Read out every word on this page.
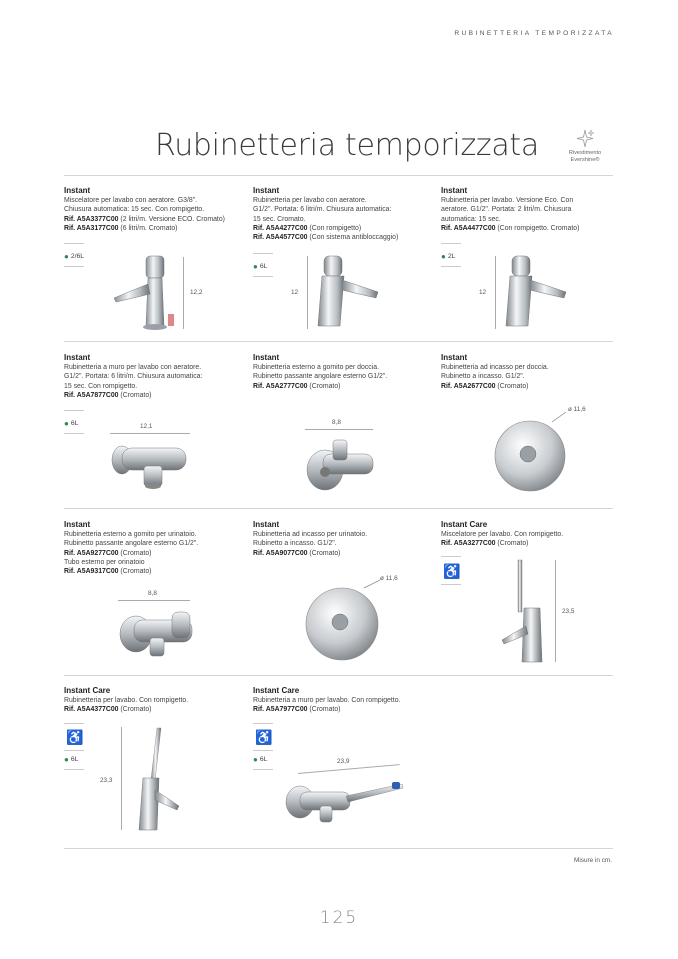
RUBINETTERIA TEMPORIZZATA
Rubinetteria temporizzata	Rivestimento
Evershine®
Instant
Miscelatore per lavabo con aeratore. G3/8".
Chiusura automatica: 15 sec. Con rompigetto.
Rif. A5A3377C00 (2 litri/m. Versione ECO. Cromato)
Rif. A5A3177C00 (6 litri/m. Cromato)
● 2/6L
12,2
Instant
Rubinetteria per lavabo con aeratore.
G1/2". Portata: 6 litri/m. Chiusura automatica:
15 sec. Cromato.
Rif. A5A4277C00 (Con rompigetto)
Rif. A5A4577C00 (Con sistema antibloccaggio)
● 6L
12
Instant
Rubinetteria per lavabo. Versione Eco. Con
aeratore. G1/2". Portata: 2 litri/m. Chiusura
automatica: 15 sec.
Rif. A5A4477C00 (Con rompigetto. Cromato)
● 2L
12
Instant
Rubinetteria a muro per lavabo con aeratore.
G1/2". Portata: 6 litri/m. Chiusura automatica:
15 sec. Con rompigetto.
Rif. A5A7877C00 (Cromato)
● 6L	12,1
Instant
Rubinetteria esterno a gomito per doccia.
Rubinetto passante angolare esterno G1/2".
Rif. A5A2777C00 (Cromato)
8,8
Instant
Rubinetteria ad incasso per doccia.
Rubinetto a incasso. G1/2".
Rif. A5A2677C00 (Cromato)
ø 11,6
Instant
Rubinetteria esterno a gomito per urinatoio.
Rubinetto passante angolare esterno G1/2".
Rif. A5A9277C00 (Cromato)
Tubo esterno per orinatoio
Rif. A5A9317C00 (Cromato)
8,8
Instant
Rubinetteria ad incasso per urinatoio.
Rubinetto a incasso. G1/2".
Rif. A5A9077C00 (Cromato)
ø 11,6
Instant Care
Miscelatore per lavabo. Con rompigetto.
Rif. A5A3277C00 (Cromato)
♿
23,5
Instant Care
Rubinetteria per lavabo. Con rompigetto.
Rif. A5A4377C00 (Cromato)
♿
● 6L
23,3
Instant Care
Rubinetteria a muro per lavabo. Con rompigetto.
Rif. A5A7977C00 (Cromato)
♿
● 6L	23,9
Misure in cm.
125
